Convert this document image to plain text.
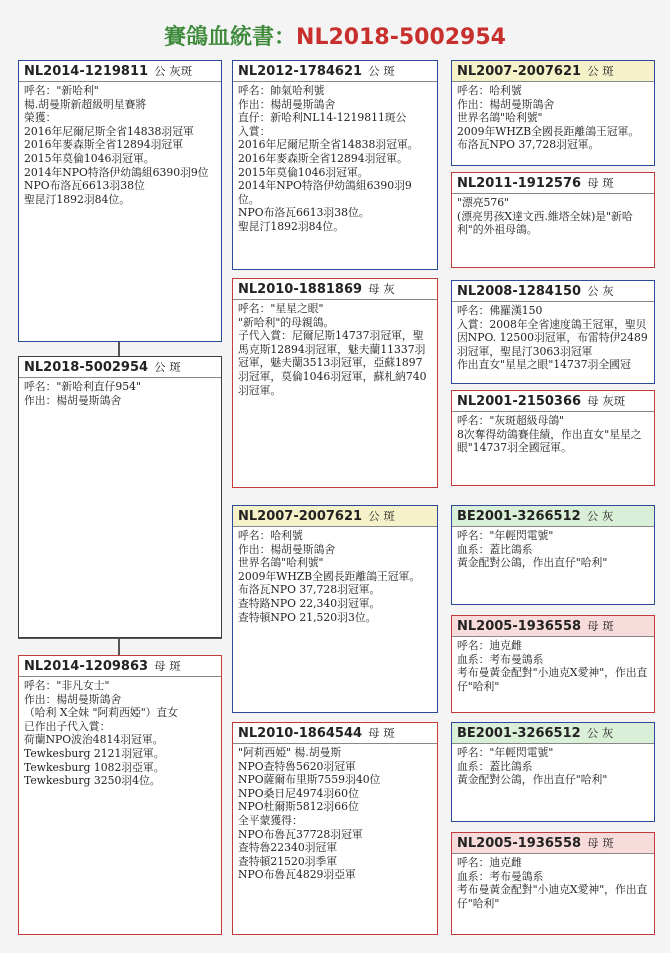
賽鴿血統書：NL2018-5002954
NL2018-5002954 公 斑
呼名："新哈利直仔954"
作出：楊胡曼斯鴿舍
NL2014-1219811 公 灰斑
呼名："新哈利"
楊.胡曼斯新超級明星賽將
榮獲：
2016年尼爾尼斯全省14838羽冠軍
2016年麥森斯全省12894羽冠軍
2015年莫倫1046羽冠軍。
2014年NPO特洛伊幼鴿組6390羽9位
NPO布洛瓦6613羽38位
聖昆汀1892羽84位。
NL2014-1209863 母 斑
呼名："非凡女士"
作出：楊胡曼斯鴿舍
（哈利 X全妹 "阿莉西婭"）直女
已作出子代入賞：
荷蘭NPO波治4814羽冠軍。
Tewkesburg 2121羽冠軍。
Tewkesburg 1082羽亞軍。
Tewkesburg 3250羽4位。
NL2012-1784621 公 斑
呼名：帥氣哈利號
作出：楊胡曼斯鴿舍
直仔：新哈利NL14-1219811斑公
入賞：
2016年尼爾尼斯全省14838羽冠軍。
2016年麥森斯全省12894羽冠軍。
2015年莫倫1046羽冠軍。
2014年NPO特洛伊幼鴿組6390羽9位。
NPO布洛瓦6613羽38位。
聖昆汀1892羽84位。
NL2010-1881869 母 灰
呼名："星星之眼"
"新哈利"的母親鴿。
子代入賞：尼爾尼斯14737羽冠軍，聖馬克斯12894羽冠軍，魅夫蘭11337羽冠軍，魅夫蘭3513羽冠軍，亞蘇1897羽冠軍，莫倫1046羽冠軍，蘇札納740羽冠軍。
NL2007-2007621 公 斑
呼名：哈利號
作出：楊胡曼斯鴿舍
世界名鴿"哈利號"
2009年WHZB全國長距離鴿王冠軍。
布洛瓦NPO 37,728羽冠軍。
查特路NPO 22,340羽冠軍。
查特頓NPO 21,520羽3位。
NL2010-1864544 母 斑
"阿莉西婭" 楊.胡曼斯
NPO查特魯5620羽冠軍
NPO薩爾布里斯7559羽40位
NPO桑日尼4974羽60位
NPO杜爾斯5812羽66位
全平蒙獲得：
NPO布魯瓦37728羽冠軍
查特魯22340羽冠軍
查特頓21520羽季軍
NPO布魯瓦4829羽亞軍
NL2007-2007621 公 斑
呼名：哈利號
作出：楊胡曼斯鴿舍
世界名鴿"哈利號"
2009年WHZB全國長距離鴿王冠軍。
布洛瓦NPO 37,728羽冠軍。
NL2011-1912576 母 斑
"漂亮576"
(漂亮男孩X達文西.維塔全妹)是"新哈利"的外祖母鴿。
NL2008-1284150 公 灰
呼名：佛羅漢150
入賞：2008年全省速度鴿王冠軍，聖贝因NPO. 12500羽冠軍，布雷特伊2489羽冠軍，聖昆汀3063羽冠軍
作出直女"星星之眼"14737羽全國冠
NL2001-2150366 母 灰斑
呼名："灰斑超級母鴿"
8次奪得幼鴿賽佳績，作出直女"星星之眼"14737羽全國冠軍。
BE2001-3266512 公 灰
呼名："年輕閃電號"
血系：蓋比鴿系
黃金配對公鴿，作出直仔"哈利"
NL2005-1936558 母 斑
呼名：迪克雌
血系：考布曼鴿系
考布曼黃金配對"小迪克X愛神"，作出直仔"哈利"
BE2001-3266512 公 灰
呼名："年輕閃電號"
血系：蓋比鴿系
黃金配對公鴿，作出直仔"哈利"
NL2005-1936558 母 斑
呼名：迪克雌
血系：考布曼鴿系
考布曼黃金配對"小迪克X愛神"，作出直仔"哈利"
